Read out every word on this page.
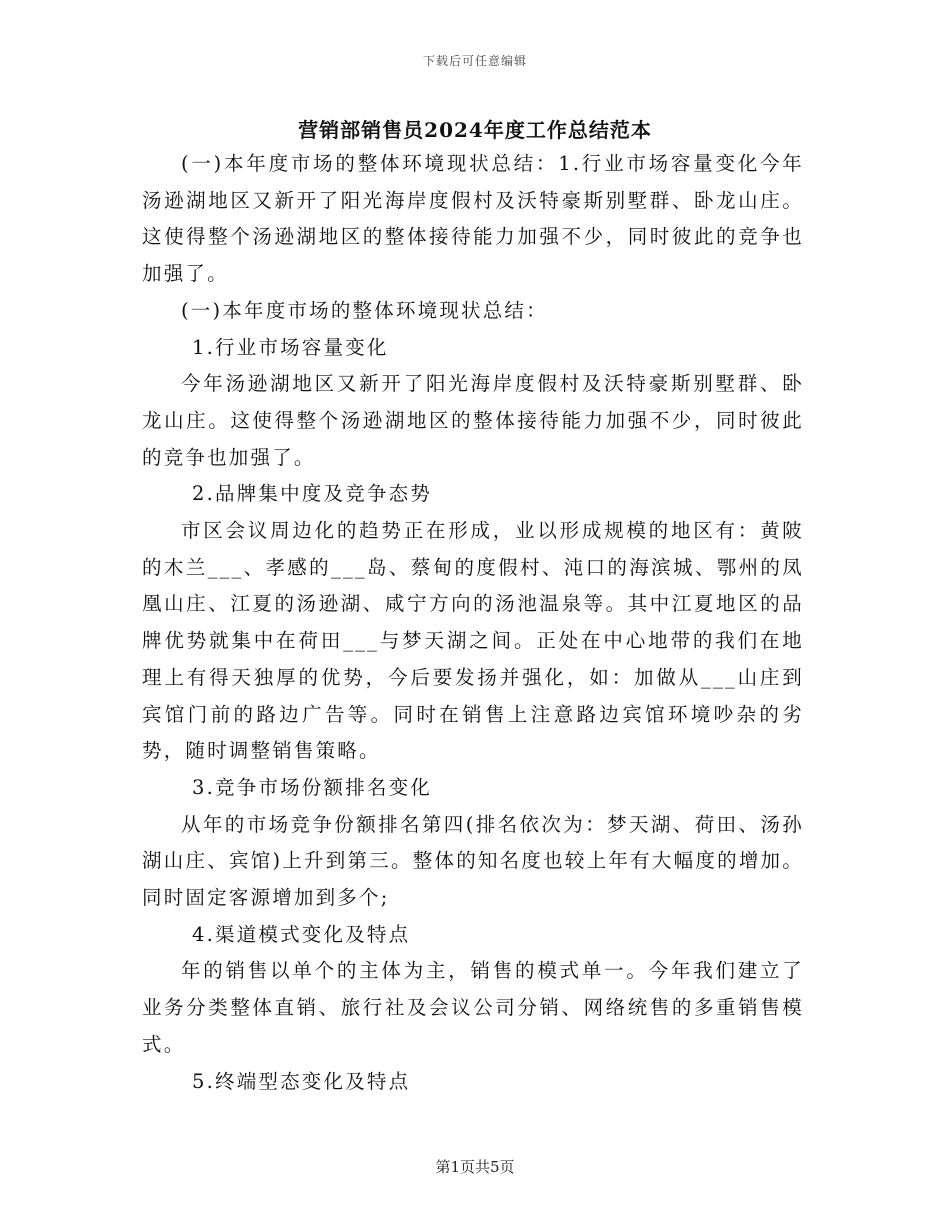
下载后可任意编辑
营销部销售员2024年度工作总结范本

(一)本年度市场的整体环境现状总结：1.行业市场容量变化今年汤逊湖地区又新开了阳光海岸度假村及沃特豪斯别墅群、卧龙山庄。这使得整个汤逊湖地区的整体接待能力加强不少，同时彼此的竞争也加强了。

(一)本年度市场的整体环境现状总结：

1.行业市场容量变化

今年汤逊湖地区又新开了阳光海岸度假村及沃特豪斯别墅群、卧龙山庄。这使得整个汤逊湖地区的整体接待能力加强不少，同时彼此的竞争也加强了。

2.品牌集中度及竞争态势

市区会议周边化的趋势正在形成，业以形成规模的地区有：黄陂的木兰___、孝感的___岛、蔡甸的度假村、沌口的海滨城、鄂州的凤凰山庄、江夏的汤逊湖、咸宁方向的汤池温泉等。其中江夏地区的品牌优势就集中在荷田___与梦天湖之间。正处在中心地带的我们在地理上有得天独厚的优势，今后要发扬并强化，如：加做从___山庄到宾馆门前的路边广告等。同时在销售上注意路边宾馆环境吵杂的劣势，随时调整销售策略。

3.竞争市场份额排名变化

从年的市场竞争份额排名第四(排名依次为：梦天湖、荷田、汤孙湖山庄、宾馆)上升到第三。整体的知名度也较上年有大幅度的增加。同时固定客源增加到多个;

4.渠道模式变化及特点

年的销售以单个的主体为主，销售的模式单一。今年我们建立了业务分类整体直销、旅行社及会议公司分销、网络统售的多重销售模式。

5.终端型态变化及特点

第1页共5页
